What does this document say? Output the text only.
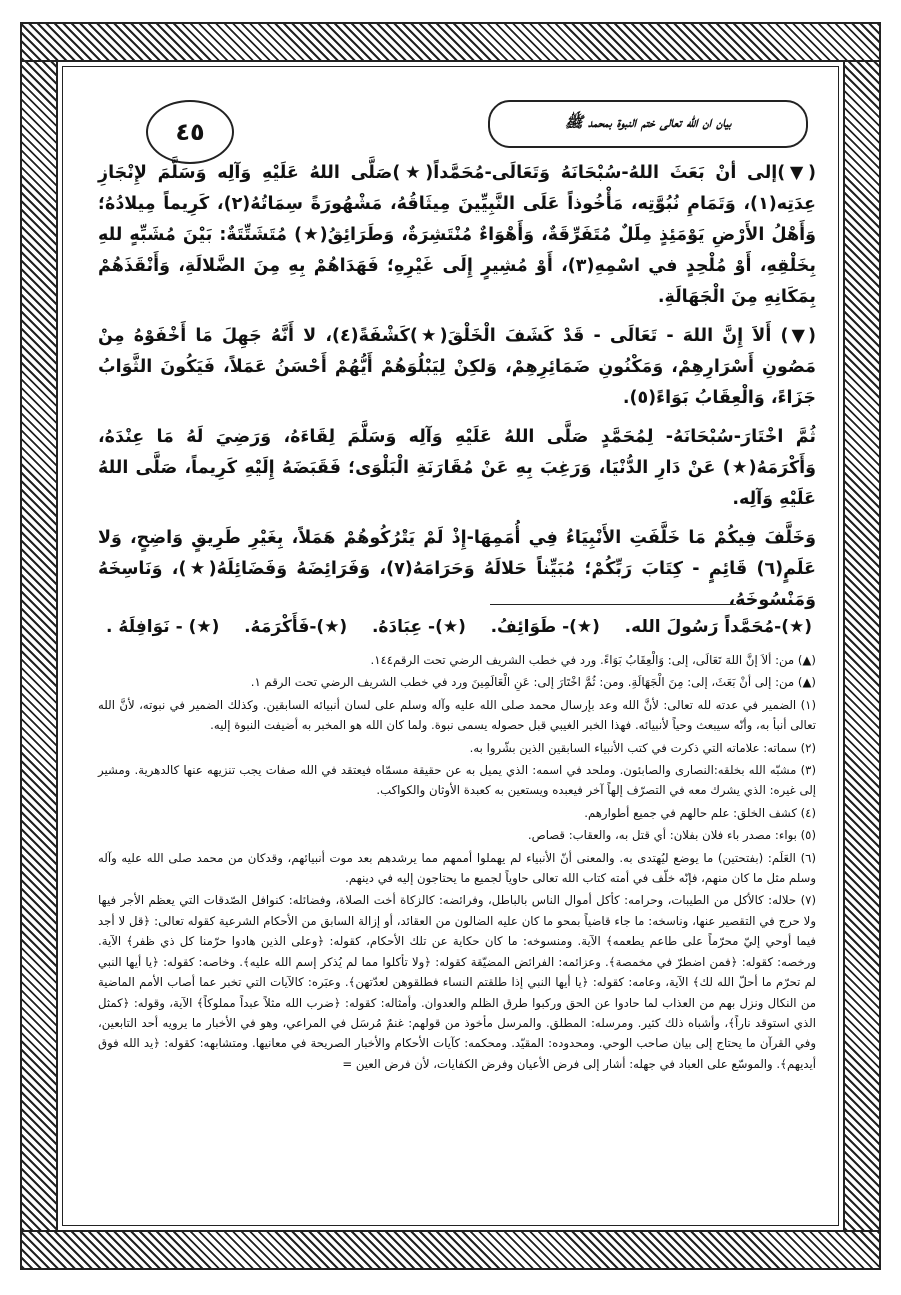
٤٥	بيان ان الله تعالى ختم النبوة بمحمد ﷺ

(▼)إلى أنْ بَعَثَ اللهُ-سُبْحَانَهُ وَتَعَالَى-مُحَمَّداً(★)صَلَّى اللهُ عَلَيْهِ وَآلِه وَسَلَّمَ لإِنْجَازِ عِدَتِه(١)، وَتَمَامِ نُبُوَّتِه، مَأْخُوذاً عَلَى النَّبِيِّينَ مِيثَاقُهُ، مَشْهُورَةً سِمَاتُهُ(٢)، كَرِيماً مِيلادُهُ؛ وَأَهْلُ الأَرْضِ يَوْمَئِذٍ مِلَلٌ مُتَفَرِّقَةٌ، وَأَهْوَاءٌ مُنْتَشِرَةٌ، وَطَرَائِقُ(★) مُتَشَتِّتَةٌ: بَيْنَ مُشَبِّهٍ للهِ بِخَلْقِهِ، أَوْ مُلْحِدٍ في اسْمِهِ(٣)، أَوْ مُشِيرٍ إِلَى غَيْرِهِ؛ فَهَدَاهُمْ بِهِ مِنَ الضَّلالَةِ، وَأَنْقَذَهُمْ بِمَكَانِهِ مِنَ الْجَهَالَةِ.

(▼) أَلاَ إِنَّ اللهَ - تَعَالَى - قَدْ كَشَفَ الْخَلْقَ(★)كَشْفَةً(٤)، لا أَنَّهُ جَهِلَ مَا أَخْفَوْهُ مِنْ مَصُونِ أَسْرَارِهِمْ، وَمَكْنُونِ ضَمَائِرِهِمْ، وَلكِنْ لِيَبْلُوَهُمْ أَيُّهُمْ أَحْسَنُ عَمَلاً، فَيَكُونَ الثَّوَابُ جَزَاءً، وَالْعِقَابُ بَوَاءً(٥).

ثُمَّ اخْتَارَ-سُبْحَانَهُ- لِمُحَمَّدٍ صَلَّى اللهُ عَلَيْهِ وَآلِه وَسَلَّمَ لِقَاءَهُ، وَرَضِيَ لَهُ مَا عِنْدَهُ، وَأَكْرَمَهُ(★) عَنْ دَارِ الدُّنْيَا، وَرَغِبَ بِهِ عَنْ مُقَارَنَةِ الْبَلْوَى؛ فَقَبَضَهُ إِلَيْهِ كَرِيماً، صَلَّى اللهُ عَلَيْهِ وَآلِه.

وَخَلَّفَ فِيكُمْ مَا خَلَّفَتِ الأَنْبِيَاءُ فِي أُمَمِهَا-إِذْ لَمْ يَتْرُكُوهُمْ هَمَلاً، بِغَيْرِ طَرِيقٍ وَاضِحٍ، وَلا عَلَمٍ(٦) قَائِمٍ - كِتَابَ رَبِّكُمْ؛ مُبَيِّناً حَلالَهُ وَحَرَامَهُ(٧)، وَفَرَائِضَهُ وَفَضَائِلَهُ(★)، وَنَاسِخَهُ وَمَنْسُوخَهُ،

(★)-مُحَمَّداً رَسُولَ الله.
(★)- طَوَائِفُ.
(★)- عِبَادَهُ.
(★)-فَأَكْرَمَهُ.
(★) - نَوَافِلَهُ .

(▲) من: ألاَ إنَّ اللهَ تَعَالَى، إلى: وَالْعِقَابُ بَوَاءً. ورد في خطب الشريف الرضي تحت الرقم١٤٤.

(▲) من: إلى أنْ بَعَثَ، إلى: مِنَ الْجَهَالَةِ. ومن: ثُمَّ اخْتَارَ إلى: عَنِ الْعَالَمِينَ ورد في خطب الشريف الرضي تحت الرقم ١.

(١) الضمير في عدته لله تعالى: لأنَّ الله وعد بإرسال محمد صلى الله عليه وآله وسلم على لسان أنبيائه السابقين. وكذلك الضمير في نبوته، لأنَّ الله تعالى أنبأ به، وأنّه سيبعث وحياً لأنبيائه. فهذا الخبر الغيبي قبل حصوله يسمى نبوة. ولما كان الله هو المخبر به أضيفت النبوة إليه.

(٢) سماته: علاماته التي ذكرت في كتب الأنبياء السابقين الذين بشّروا به.

(٣) مشبّه الله بخلقه:النصارى والصابئون. وملحد في اسمه: الذي يميل به عن حقيقة مسمّاه فيعتقد في الله صفات يجب تنزيهه عنها كالدهرية. ومشير إلى غيره: الذي يشرك معه في التصرّف إلهاً آخر فيعبده ويستعين به كعبدة الأوثان والكواكب.

(٤) كشف الخلق: علم حالهم في جميع أطوارهم.

(٥) بواء: مصدر باء فلان بفلان: أي قتل به، والعقاب: قصاص.

(٦) العَلَم: (بفتحتين) ما يوضع ليُهتدى به. والمعنى أنّ الأنبياء لم يهملوا أممهم مما يرشدهم بعد موت أنبيائهم، وقدكان من محمد صلى الله عليه وآله وسلم مثل ما كان منهم، فإنّه خلّف في أمته كتاب الله تعالى حاوياً لجميع ما يحتاجون إليه في دينهم.

(٧) حلاله: كالأكل من الطيبات، وحرامه: كأكل أموال الناس بالباطل، وفرائضه: كالزكاة أخت الصلاة، وفضائله: كنوافل الصّدقات التي يعظم الأجر فيها ولا حرج في التقصير عنها، وناسخه: ما جاء قاضياً بمحو ما كان عليه الضالون من العقائد، أو إزالة السابق من الأحكام الشرعية كقوله تعالى: ﴿قل لا أجد فيما أوحي إليّ محرّماً على طاعم يطعمه﴾ الآية. ومنسوخه: ما كان حكاية عن تلك الأحكام، كقوله: ﴿وعلى الذين هادوا حرّمنا كل ذي ظفر﴾ الآية. ورخصه: كقوله: ﴿فمن اضطرّ في مخمصة﴾. وعزائمه: الفرائض المضيّقة كقوله: ﴿ولا تأكلوا مما لم يُذكر إسم الله عليه﴾. وخاصه: كقوله: ﴿يا أيها النبي لم تحرّم ما أحلّ الله لك﴾ الآية، وعامه: كقوله: ﴿يا أيها النبي إذا طلقتم النساء فطلقوهن لعدّتهن﴾. وعبَره: كالآيات التي تخبر عما أصاب الأمم الماضية من النكال ونزل بهم من العذاب لما حادوا عن الحق وركبوا طرق الظلم والعدوان. وأمثاله: كقوله: ﴿ضرب الله مثلاً عبداً مملوكاً﴾ الآية، وقوله: ﴿كمثل الذي استوقد ناراً﴾، وأشباه ذلك كثير. ومرسله: المطلق. والمرسل مأخوذ من قولهم: غنمٌ مُرسَل في المراعي، وهو في الأخبار ما يرويه أحد التابعين، وفي القرآن ما يحتاج إلى بيان صاحب الوحي. ومحدوده: المقيّد. ومحكمه: كآيات الأحكام والأخبار الصريحة في معانيها. ومتشابهه: كقوله: ﴿يد الله فوق أيديهم﴾. والموسّع على العباد في جهله: أشار إلى فرض الأعيان وفرض الكفايات، لأن فرض العين =
